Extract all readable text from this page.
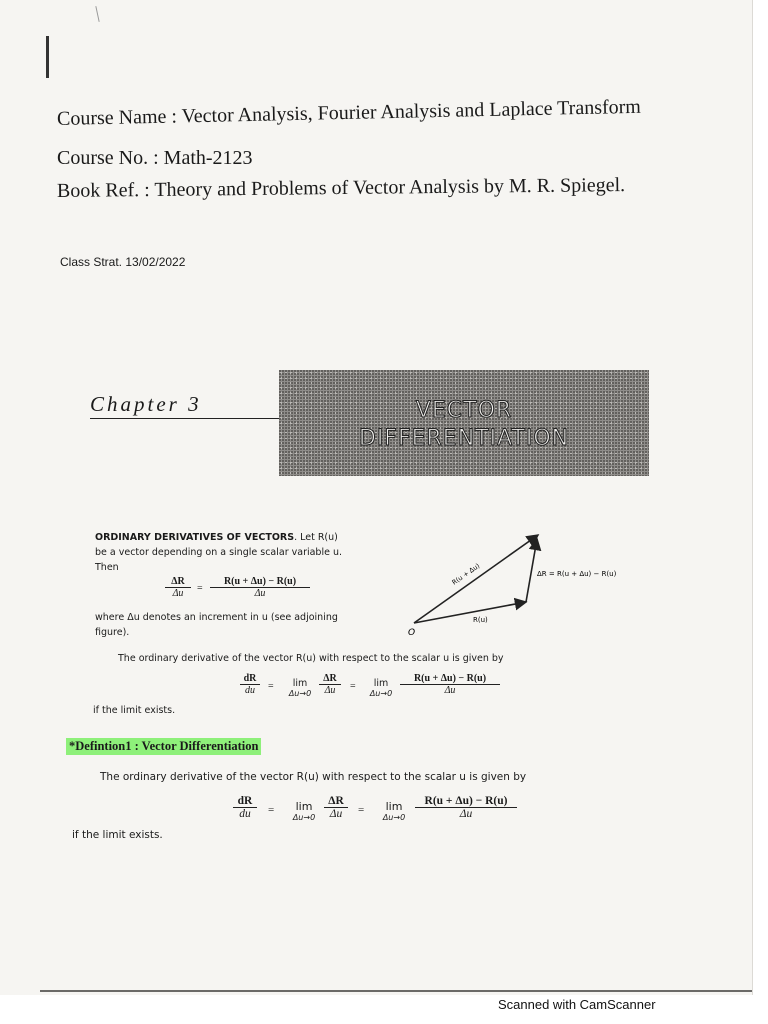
Course Name : Vector Analysis, Fourier Analysis and Laplace Transform
Course No. : Math-2123
Book Ref. : Theory and Problems of Vector Analysis by M. R. Spiegel.
Class Strat. 13/02/2022
Chapter 3	VECTOR
DIFFERENTIATION
ORDINARY DERIVATIVES OF VECTORS. Let R(u)
be a vector depending on a single scalar variable u.
Then
$\frac{\Delta R}{\Delta u} = \frac{R(u + \Delta u) - R(u)}{\Delta u}$
where Δu denotes an increment in u (see adjoining
figure).	O
R(u)
R(u + Δu)	ΔR = R(u + Δu) − R(u)
The ordinary derivative of the vector R(u) with respect to the scalar u is given by
$\frac{dR}{du}$ =	lim
$\Delta u\to 0 \frac{\Delta R}{\Delta u}$ =	lim
$\Delta u\to 0 \frac{R(u + \Delta u) - R(u)}{\Delta u}$
if the limit exists.
*Defintion1 : Vector Differentiation
The ordinary derivative of the vector R(u) with respect to the scalar u is given by
$\frac{dR}{du}$ =	lim
$\Delta u\to 0 \frac{\Delta R}{\Delta u}$ =	lim
$\Delta u\to 0 \frac{R(u + \Delta u) - R(u)}{\Delta u}$
if the limit exists.
Scanned with CamScanner
